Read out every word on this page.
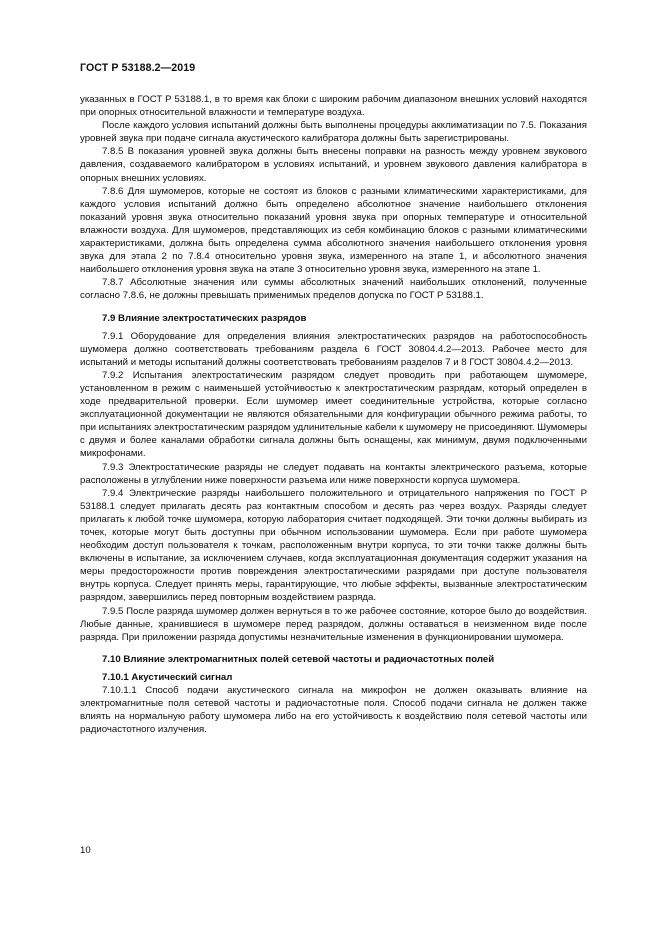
ГОСТ Р 53188.2—2019

указанных в ГОСТ Р 53188.1, в то время как блоки с широким рабочим диапазоном внешних условий находятся при опорных относительной влажности и температуре воздуха.

После каждого условия испытаний должны быть выполнены процедуры акклиматизации по 7.5. Показания уровней звука при подаче сигнала акустического калибратора должны быть зарегистрированы.

7.8.5 В показания уровней звука должны быть внесены поправки на разность между уровнем звукового давления, создаваемого калибратором в условиях испытаний, и уровнем звукового давления калибратора в опорных внешних условиях.

7.8.6 Для шумомеров, которые не состоят из блоков с разными климатическими характеристиками, для каждого условия испытаний должно быть определено абсолютное значение наибольшего отклонения показаний уровня звука относительно показаний уровня звука при опорных температуре и относительной влажности воздуха. Для шумомеров, представляющих из себя комбинацию блоков с разными климатическими характеристиками, должна быть определена сумма абсолютного значения наибольшего отклонения уровня звука для этапа 2 по 7.8.4 относительно уровня звука, измеренного на этапе 1, и абсолютного значения наибольшего отклонения уровня звука на этапе 3 относительно уровня звука, измеренного на этапе 1.

7.8.7 Абсолютные значения или суммы абсолютных значений наибольших отклонений, полученные согласно 7.8.6, не должны превышать применимых пределов допуска по ГОСТ Р 53188.1.

7.9 Влияние электростатических разрядов

7.9.1 Оборудование для определения влияния электростатических разрядов на работоспособность шумомера должно соответствовать требованиям раздела 6 ГОСТ 30804.4.2—2013. Рабочее место для испытаний и методы испытаний должны соответствовать требованиям разделов 7 и 8 ГОСТ 30804.4.2—2013.

7.9.2 Испытания электростатическим разрядом следует проводить при работающем шумомере, установленном в режим с наименьшей устойчивостью к электростатическим разрядам, который определен в ходе предварительной проверки. Если шумомер имеет соединительные устройства, которые согласно эксплуатационной документации не являются обязательными для конфигурации обычного режима работы, то при испытаниях электростатическим разрядом удлинительные кабели к шумомеру не присоединяют. Шумомеры с двумя и более каналами обработки сигнала должны быть оснащены, как минимум, двумя подключенными микрофонами.

7.9.3 Электростатические разряды не следует подавать на контакты электрического разъема, которые расположены в углублении ниже поверхности разъема или ниже поверхности корпуса шумомера.

7.9.4 Электрические разряды наибольшего положительного и отрицательного напряжения по ГОСТ Р 53188.1 следует прилагать десять раз контактным способом и десять раз через воздух. Разряды следует прилагать к любой точке шумомера, которую лаборатория считает подходящей. Эти точки должны выбирать из точек, которые могут быть доступны при обычном использовании шумомера. Если при работе шумомера необходим доступ пользователя к точкам, расположенным внутри корпуса, то эти точки также должны быть включены в испытание, за исключением случаев, когда эксплуатационная документация содержит указания на меры предосторожности против повреждения электростатическими разрядами при доступе пользователя внутрь корпуса. Следует принять меры, гарантирующие, что любые эффекты, вызванные электростатическим разрядом, завершились перед повторным воздействием разряда.

7.9.5 После разряда шумомер должен вернуться в то же рабочее состояние, которое было до воздействия. Любые данные, хранившиеся в шумомере перед разрядом, должны оставаться в неизменном виде после разряда. При приложении разряда допустимы незначительные изменения в функционировании шумомера.

7.10 Влияние электромагнитных полей сетевой частоты и радиочастотных полей
7.10.1 Акустический сигнал

7.10.1.1 Способ подачи акустического сигнала на микрофон не должен оказывать влияние на электромагнитные поля сетевой частоты и радиочастотные поля. Способ подачи сигнала не должен также влиять на нормальную работу шумомера либо на его устойчивость к воздействию поля сетевой частоты или радиочастотного излучения.

10
